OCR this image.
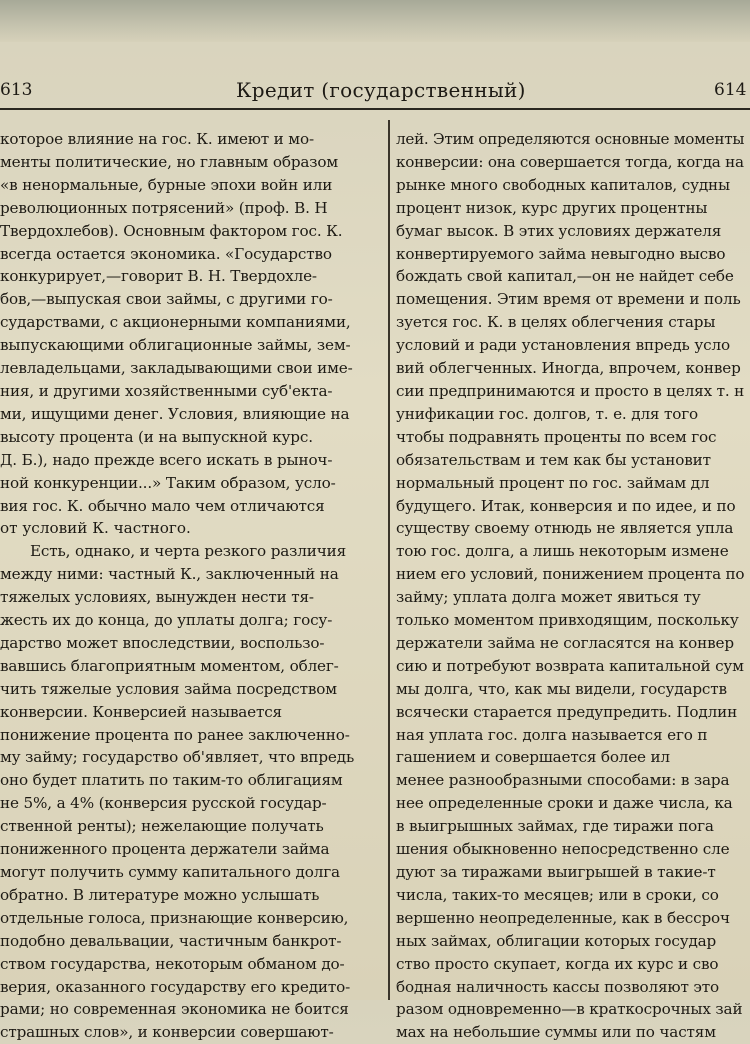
613	Кредит (государственный)	614
которое влияние на гос. К. имеют и мо-
менты политические, но главным образом
«в ненормальные, бурные эпохи войн или
революционных потрясений» (проф. В. Н
Твердохлебов). Основным фактором гос. К.
всегда остается экономика. «Государство
конкурирует,—говорит В. Н. Твердохле-
бов,—выпуская свои займы, с другими го-
сударствами, с акционерными компаниями,
выпускающими облигационные займы, зем-
левладельцами, закладывающими свои име-
ния, и другими хозяйственными суб'екта-
ми, ищущими денег. Условия, влияющие на
высоту процента (и на выпускной курс.
Д. Б.), надо прежде всего искать в рыноч-
ной конкуренции...» Таким образом, усло-
вия гос. К. обычно мало чем отличаются
от условий К. частного.
Есть, однако, и черта резкого различия
между ними: частный К., заключенный на
тяжелых условиях, вынужден нести тя-
жесть их до конца, до уплаты долга; госу-
дарство может впоследствии, воспользо-
вавшись благоприятным моментом, облег-
чить тяжелые условия займа посредством
конверсии. Конверсией называется
понижение процента по ранее заключенно-
му займу; государство об'являет, что впредь
оно будет платить по таким-то облигациям
не 5%, а 4% (конверсия русской государ-
ственной ренты); нежелающие получать
пониженного процента держатели займа
могут получить сумму капитального долга
обратно. В литературе можно услышать
отдельные голоса, признающие конверсию,
подобно девальвации, частичным банкрот-
ством государства, некоторым обманом до-
верия, оказанного государству его кредито-
рами; но современная экономика не боится
страшных слов», и конверсии совершают-
лей. Этим определяются основные моменты
конверсии: она совершается тогда, когда на
рынке много свободных капиталов, судны
процент низок, курс других процентны
бумаг высок. В этих условиях держателя
конвертируемого займа невыгодно высво
бождать свой капитал,—он не найдет себе
помещения. Этим время от времени и поль
зуется гос. К. в целях облегчения стары
условий и ради установления впредь усло
вий облегченных. Иногда, впрочем, конвер
сии предпринимаются и просто в целях т. н
унификации гос. долгов, т. е. для того
чтобы подравнять проценты по всем гос
обязательствам и тем как бы установит
нормальный процент по гос. займам дл
будущего. Итак, конверсия и по идее, и по
существу своему отнюдь не является упла
тою гос. долга, а лишь некоторым измене
нием его условий, понижением процента по
займу; уплата долга может явиться ту
только моментом привходящим, поскольку
держатели займа не согласятся на конвер
сию и потребуют возврата капитальной сум
мы долга, что, как мы видели, государств
всячески старается предупредить. Подлин
ная уплата гос. долга называется его п
гашением и совершается более ил
менее разнообразными способами: в зара
нее определенные сроки и даже числа, ка
в выигрышных займах, где тиражи пога
шения обыкновенно непосредственно сле
дуют за тиражами выигрышей в такие-т
числа, таких-то месяцев; или в сроки, со
вершенно неопределенные, как в бессроч
ных займах, облигации которых государ
ство просто скупает, когда их курс и сво
бодная наличность кассы позволяют это
разом одновременно—в краткосрочных зай
мах на небольшие суммы или по частям
